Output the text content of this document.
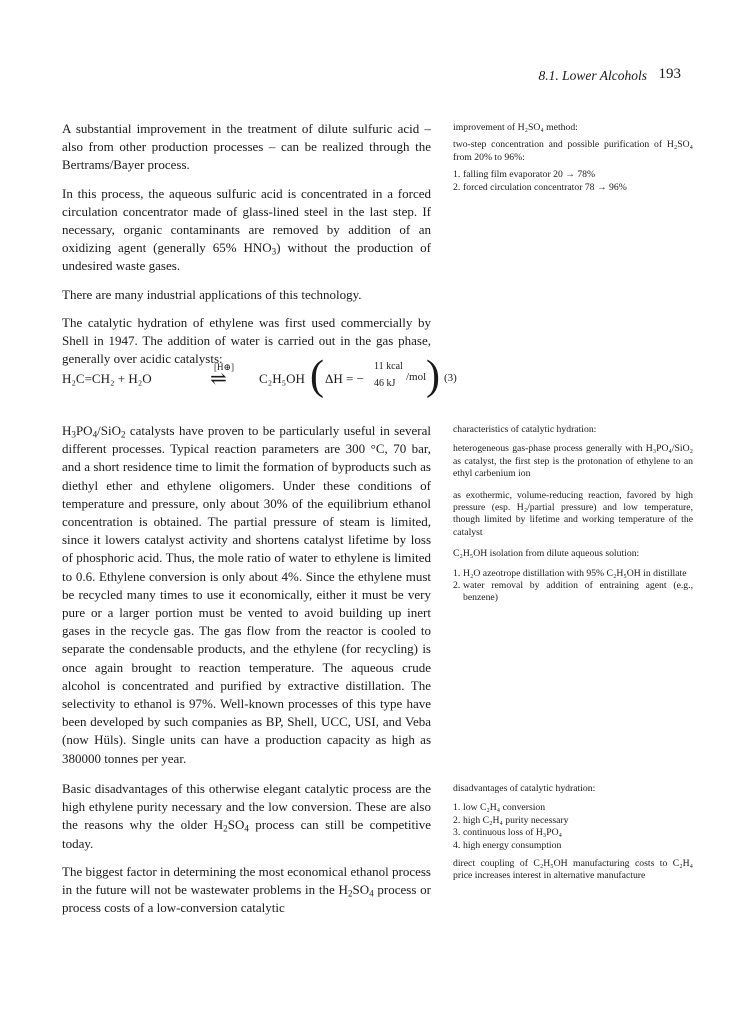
8.1. Lower Alcohols 193

A substantial improvement in the treatment of dilute sulfuric acid – also from other production processes – can be realized through the Bertrams/Bayer process.

In this process, the aqueous sulfuric acid is concentrated in a forced circulation concentrator made of glass-lined steel in the last step. If necessary, organic contaminants are removed by addition of an oxidizing agent (generally 65% $HNO_3$) without the production of undesired waste gases.

There are many industrial applications of this technology.

The catalytic hydration of ethylene was first used commercially by Shell in 1947. The addition of water is carried out in the gas phase, generally over acidic catalysts:

H₂C=CH₂ + H₂O
[H⊕]
⇌ C₂H₅OH ( ΔH = −
11 kcal
46 kJ
/mol ) (3)

$H_3PO_4/SiO_2$ catalysts have proven to be particularly useful in several different processes. Typical reaction parameters are 300 °C, 70 bar, and a short residence time to limit the formation of byproducts such as diethyl ether and ethylene oligomers. Under these conditions of temperature and pressure, only about 30% of the equilibrium ethanol concentration is obtained. The partial pressure of steam is limited, since it lowers catalyst activity and shortens catalyst lifetime by loss of phosphoric acid. Thus, the mole ratio of water to ethylene is limited to 0.6. Ethylene conversion is only about 4%. Since the ethylene must be recycled many times to use it economically, either it must be very pure or a larger portion must be vented to avoid building up inert gases in the recycle gas. The gas flow from the reactor is cooled to separate the condensable products, and the ethylene (for recycling) is once again brought to reaction temperature. The aqueous crude alcohol is concentrated and purified by extractive distillation. The selectivity to ethanol is 97%. Well-known processes of this type have been developed by such companies as BP, Shell, UCC, USI, and Veba (now Hüls). Single units can have a production capacity as high as 380000 tonnes per year.

Basic disadvantages of this otherwise elegant catalytic process are the high ethylene purity necessary and the low conversion. These are also the reasons why the older $H_2SO_4$ process can still be competitive today.

The biggest factor in determining the most economical ethanol process in the future will not be wastewater problems in the $H_2SO_4$ process or process costs of a low-conversion catalytic

improvement of H₂SO₄ method:

two-step concentration and possible purification of H₂SO₄ from 20% to 96%:

1. falling film evaporator 20 → 78%
2. forced circulation concentrator 78 → 96%

characteristics of catalytic hydration:

heterogeneous gas-phase process generally with H₃PO₄/SiO₂ as catalyst, the first step is the protonation of ethylene to an ethyl carbenium ion

as exothermic, volume-reducing reaction, favored by high pressure (esp. H₂/partial pressure) and low temperature, though limited by lifetime and working temperature of the catalyst

C₂H₅OH isolation from dilute aqueous solution:

1. H₂O azeotrope distillation with 95% C₂H₅OH in distillate
2. water removal by addition of entraining agent (e.g., benzene)

disadvantages of catalytic hydration:

1. low C₂H₄ conversion
2. high C₂H₄ purity necessary
3. continuous loss of H₃PO₄
4. high energy consumption

direct coupling of C₂H₅OH manufacturing costs to C₂H₄ price increases interest in alternative manufacture
